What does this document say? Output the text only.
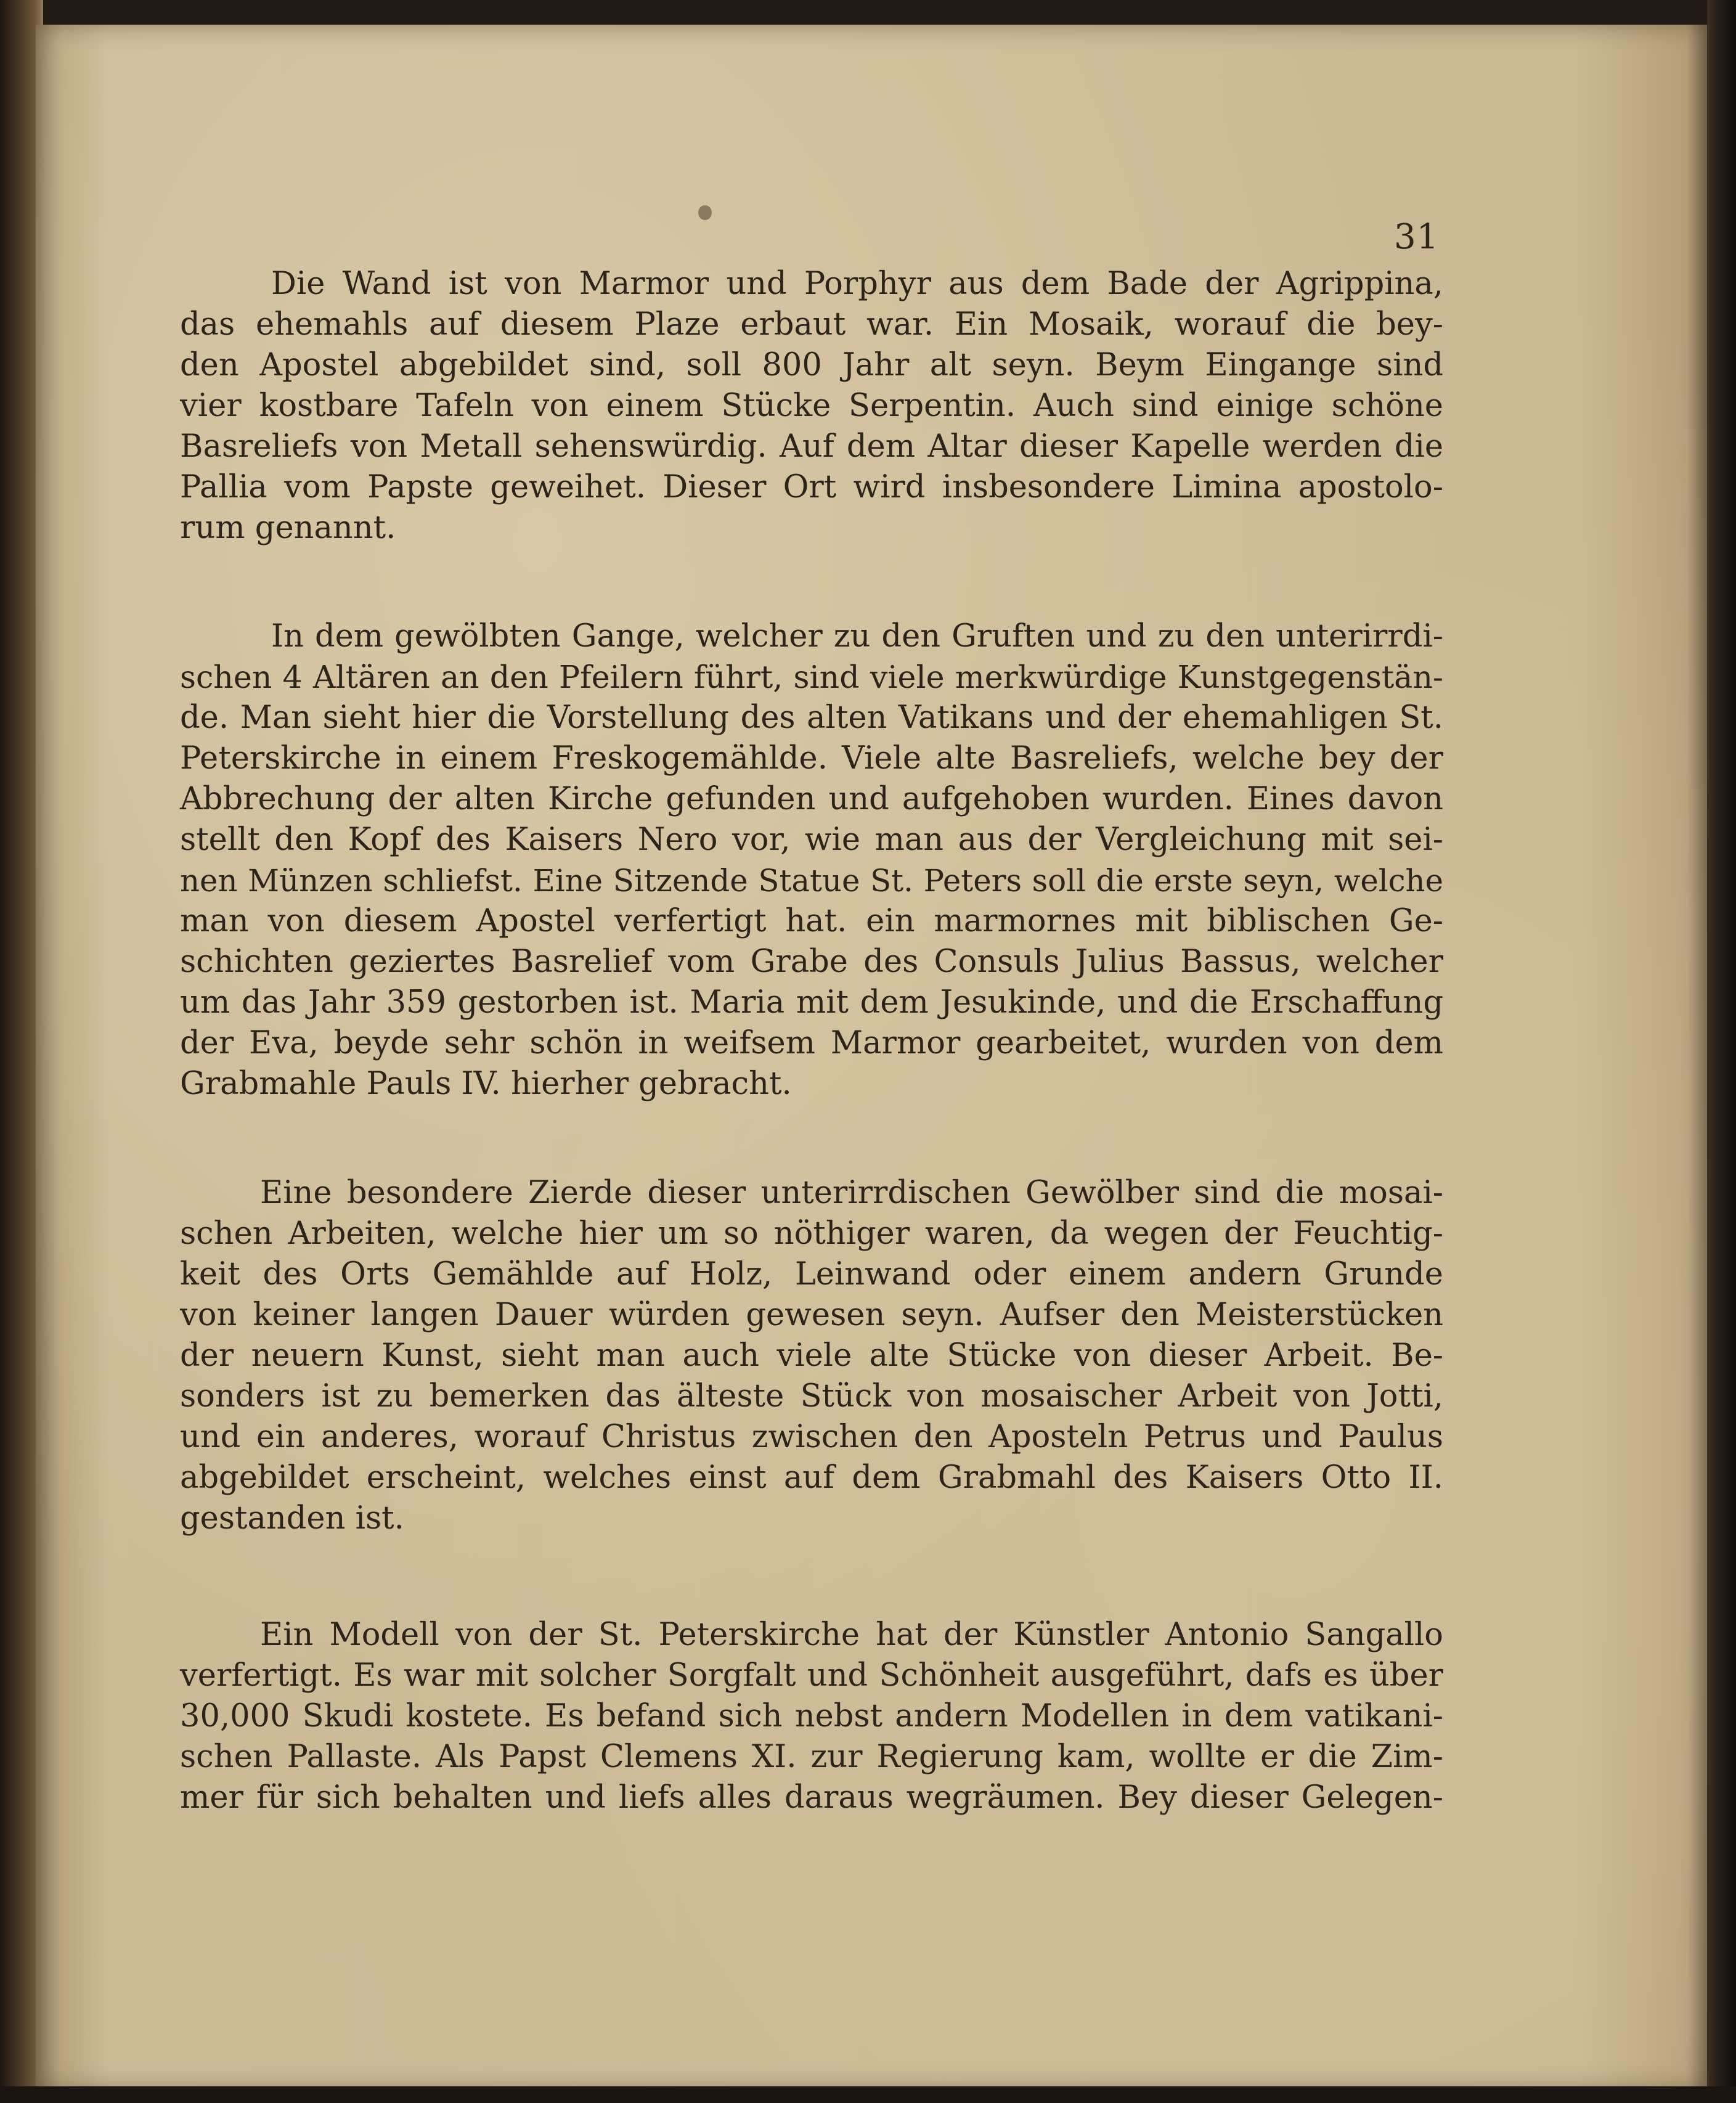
31
Die Wand ist von Marmor und Porphyr aus dem Bade der Agrippina,
das ehemahls auf diesem Plaze erbaut war. Ein Mosaik, worauf die bey-
den Apostel abgebildet sind, soll 800 Jahr alt seyn. Beym Eingange sind
vier kostbare Tafeln von einem Stücke Serpentin. Auch sind einige schöne
Basreliefs von Metall sehenswürdig. Auf dem Altar dieser Kapelle werden die
Pallia vom Papste geweihet. Dieser Ort wird insbesondere Limina apostolo-
rum genannt.
In dem gewölbten Gange, welcher zu den Gruften und zu den unterirrdi-
schen 4 Altären an den Pfeilern führt, sind viele merkwürdige Kunstgegenstän-
de. Man sieht hier die Vorstellung des alten Vatikans und der ehemahligen St.
Peterskirche in einem Freskogemählde. Viele alte Basreliefs, welche bey der
Abbrechung der alten Kirche gefunden und aufgehoben wurden. Eines davon
stellt den Kopf des Kaisers Nero vor, wie man aus der Vergleichung mit sei-
nen Münzen schliefst. Eine Sitzende Statue St. Peters soll die erste seyn, welche
man von diesem Apostel verfertigt hat. ein marmornes mit biblischen Ge-
schichten geziertes Basrelief vom Grabe des Consuls Julius Bassus, welcher
um das Jahr 359 gestorben ist. Maria mit dem Jesukinde, und die Erschaffung
der Eva, beyde sehr schön in weifsem Marmor gearbeitet, wurden von dem
Grabmahle Pauls IV. hierher gebracht.
Eine besondere Zierde dieser unterirrdischen Gewölber sind die mosai-
schen Arbeiten, welche hier um so nöthiger waren, da wegen der Feuchtig-
keit des Orts Gemählde auf Holz, Leinwand oder einem andern Grunde
von keiner langen Dauer würden gewesen seyn. Aufser den Meisterstücken
der neuern Kunst, sieht man auch viele alte Stücke von dieser Arbeit. Be-
sonders ist zu bemerken das älteste Stück von mosaischer Arbeit von Jotti,
und ein anderes, worauf Christus zwischen den Aposteln Petrus und Paulus
abgebildet erscheint, welches einst auf dem Grabmahl des Kaisers Otto II.
gestanden ist.
Ein Modell von der St. Peterskirche hat der Künstler Antonio Sangallo
verfertigt. Es war mit solcher Sorgfalt und Schönheit ausgeführt, dafs es über
30,000 Skudi kostete. Es befand sich nebst andern Modellen in dem vatikani-
schen Pallaste. Als Papst Clemens XI. zur Regierung kam, wollte er die Zim-
mer für sich behalten und liefs alles daraus wegräumen. Bey dieser Gelegen-
